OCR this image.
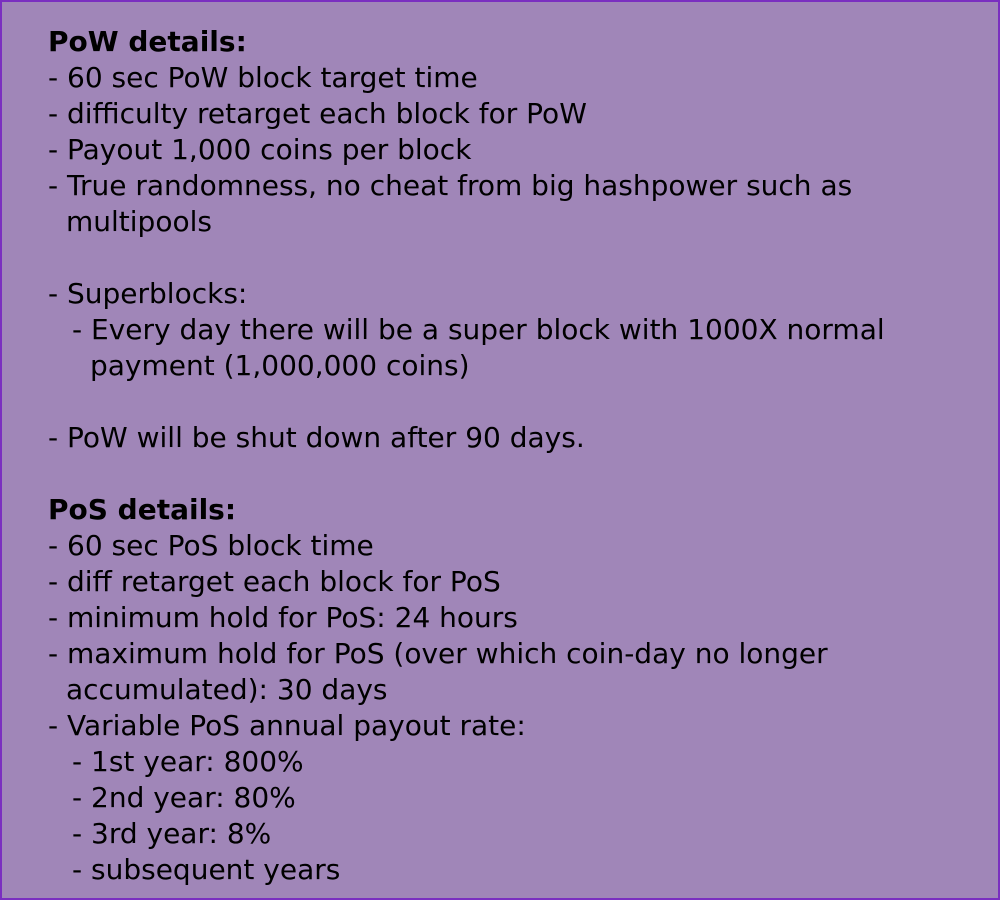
PoW details:
- 60 sec PoW block target time
- difficulty retarget each block for PoW
- Payout 1,000 coins per block
- True randomness, no cheat from big hashpower such as
multipools
- Superblocks:
- Every day there will be a super block with 1000X normal
payment (1,000,000 coins)
- PoW will be shut down after 90 days.
PoS details:
- 60 sec PoS block time
- diff retarget each block for PoS
- minimum hold for PoS: 24 hours
- maximum hold for PoS (over which coin-day no longer
accumulated): 30 days
- Variable PoS annual payout rate:
- 1st year: 800%
- 2nd year: 80%
- 3rd year: 8%
- subsequent years
